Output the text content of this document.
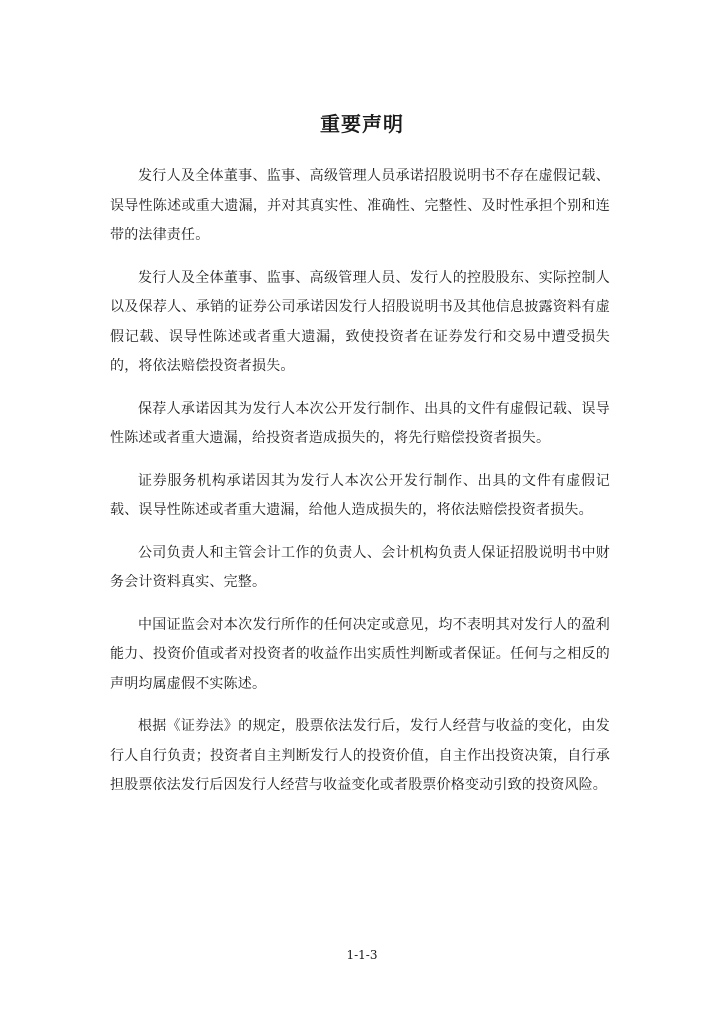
重要声明

发行人及全体董事、监事、高级管理人员承诺招股说明书不存在虚假记载、误导性陈述或重大遗漏，并对其真实性、准确性、完整性、及时性承担个别和连带的法律责任。

发行人及全体董事、监事、高级管理人员、发行人的控股股东、实际控制人以及保荐人、承销的证券公司承诺因发行人招股说明书及其他信息披露资料有虚假记载、误导性陈述或者重大遗漏，致使投资者在证券发行和交易中遭受损失的，将依法赔偿投资者损失。

保荐人承诺因其为发行人本次公开发行制作、出具的文件有虚假记载、误导性陈述或者重大遗漏，给投资者造成损失的，将先行赔偿投资者损失。

证券服务机构承诺因其为发行人本次公开发行制作、出具的文件有虚假记载、误导性陈述或者重大遗漏，给他人造成损失的，将依法赔偿投资者损失。

公司负责人和主管会计工作的负责人、会计机构负责人保证招股说明书中财务会计资料真实、完整。

中国证监会对本次发行所作的任何决定或意见，均不表明其对发行人的盈利能力、投资价值或者对投资者的收益作出实质性判断或者保证。任何与之相反的声明均属虚假不实陈述。

根据《证券法》的规定，股票依法发行后，发行人经营与收益的变化，由发行人自行负责；投资者自主判断发行人的投资价值，自主作出投资决策，自行承担股票依法发行后因发行人经营与收益变化或者股票价格变动引致的投资风险。

1-1-3
